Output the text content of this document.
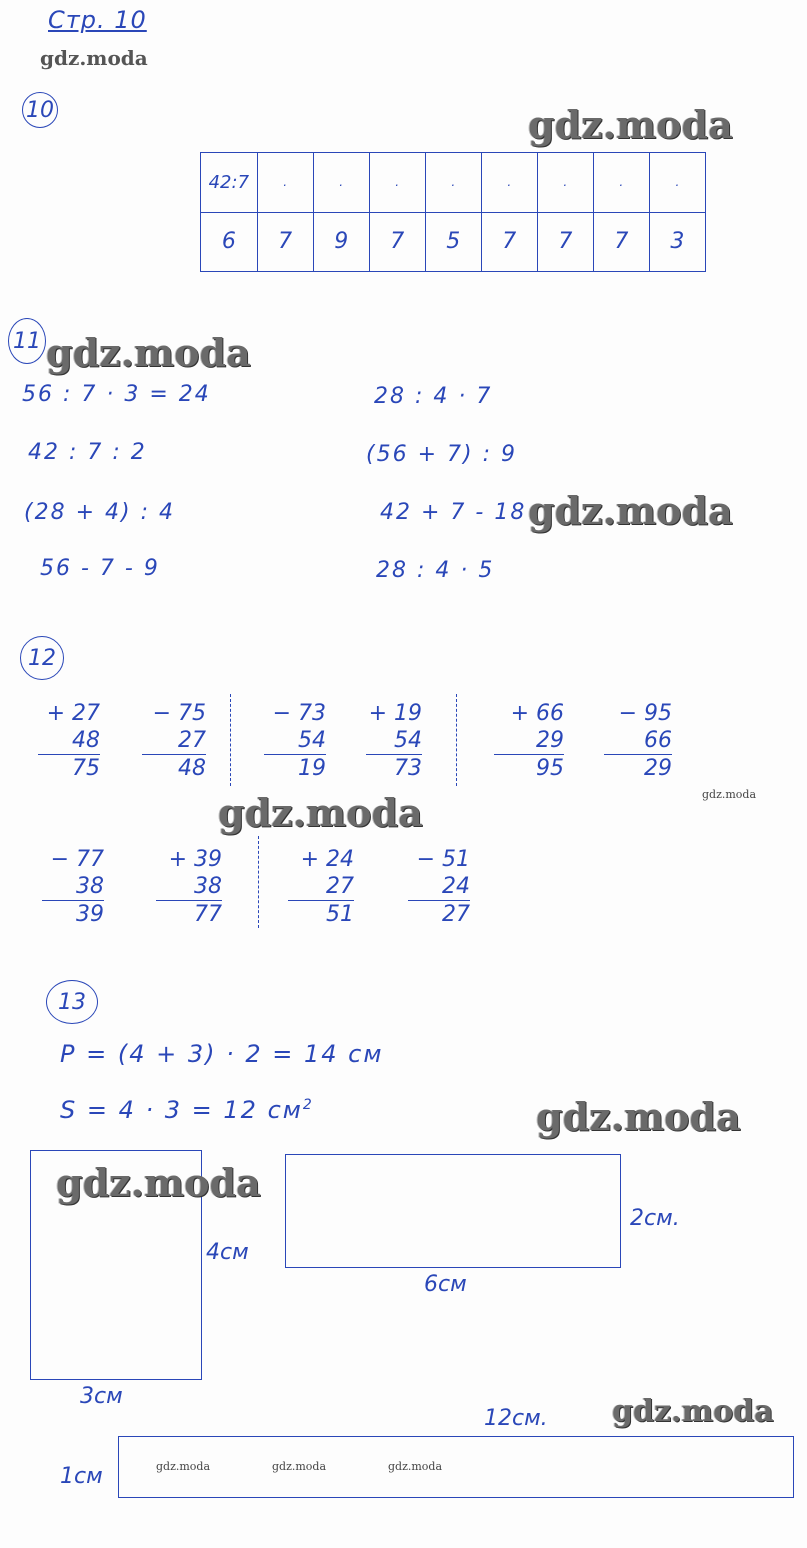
Стр. 10
gdz.moda
10	gdz.moda
42:7	.	.	.	.	.	.	.	.
6	7	9	7	5	7	7	7	3
11 gdz.moda
56 : 7 · 3 = 24
42 : 7 : 2
(28 + 4) : 4
56 - 7 - 9
28 : 4 · 7
(56 + 7) : 9
42 + 7 - 18
28 : 4 · 5
gdz.moda
12
+ 27
48
75
− 75
27
48
− 73
54
19
+ 19
54
73
+ 66
29
95
− 95
66
29
gdz.moda
gdz.moda
− 77
38
39
+ 39
38
77
+ 24
27
51
− 51
24
27
13
P = (4 + 3) · 2 = 14 см
S = 4 · 3 = 12 $см^2$	gdz.moda
gdz.moda
4см
3см
2см.
6см
12см. gdz.moda
gdz.moda	gdz.moda	gdz.moda
1см
